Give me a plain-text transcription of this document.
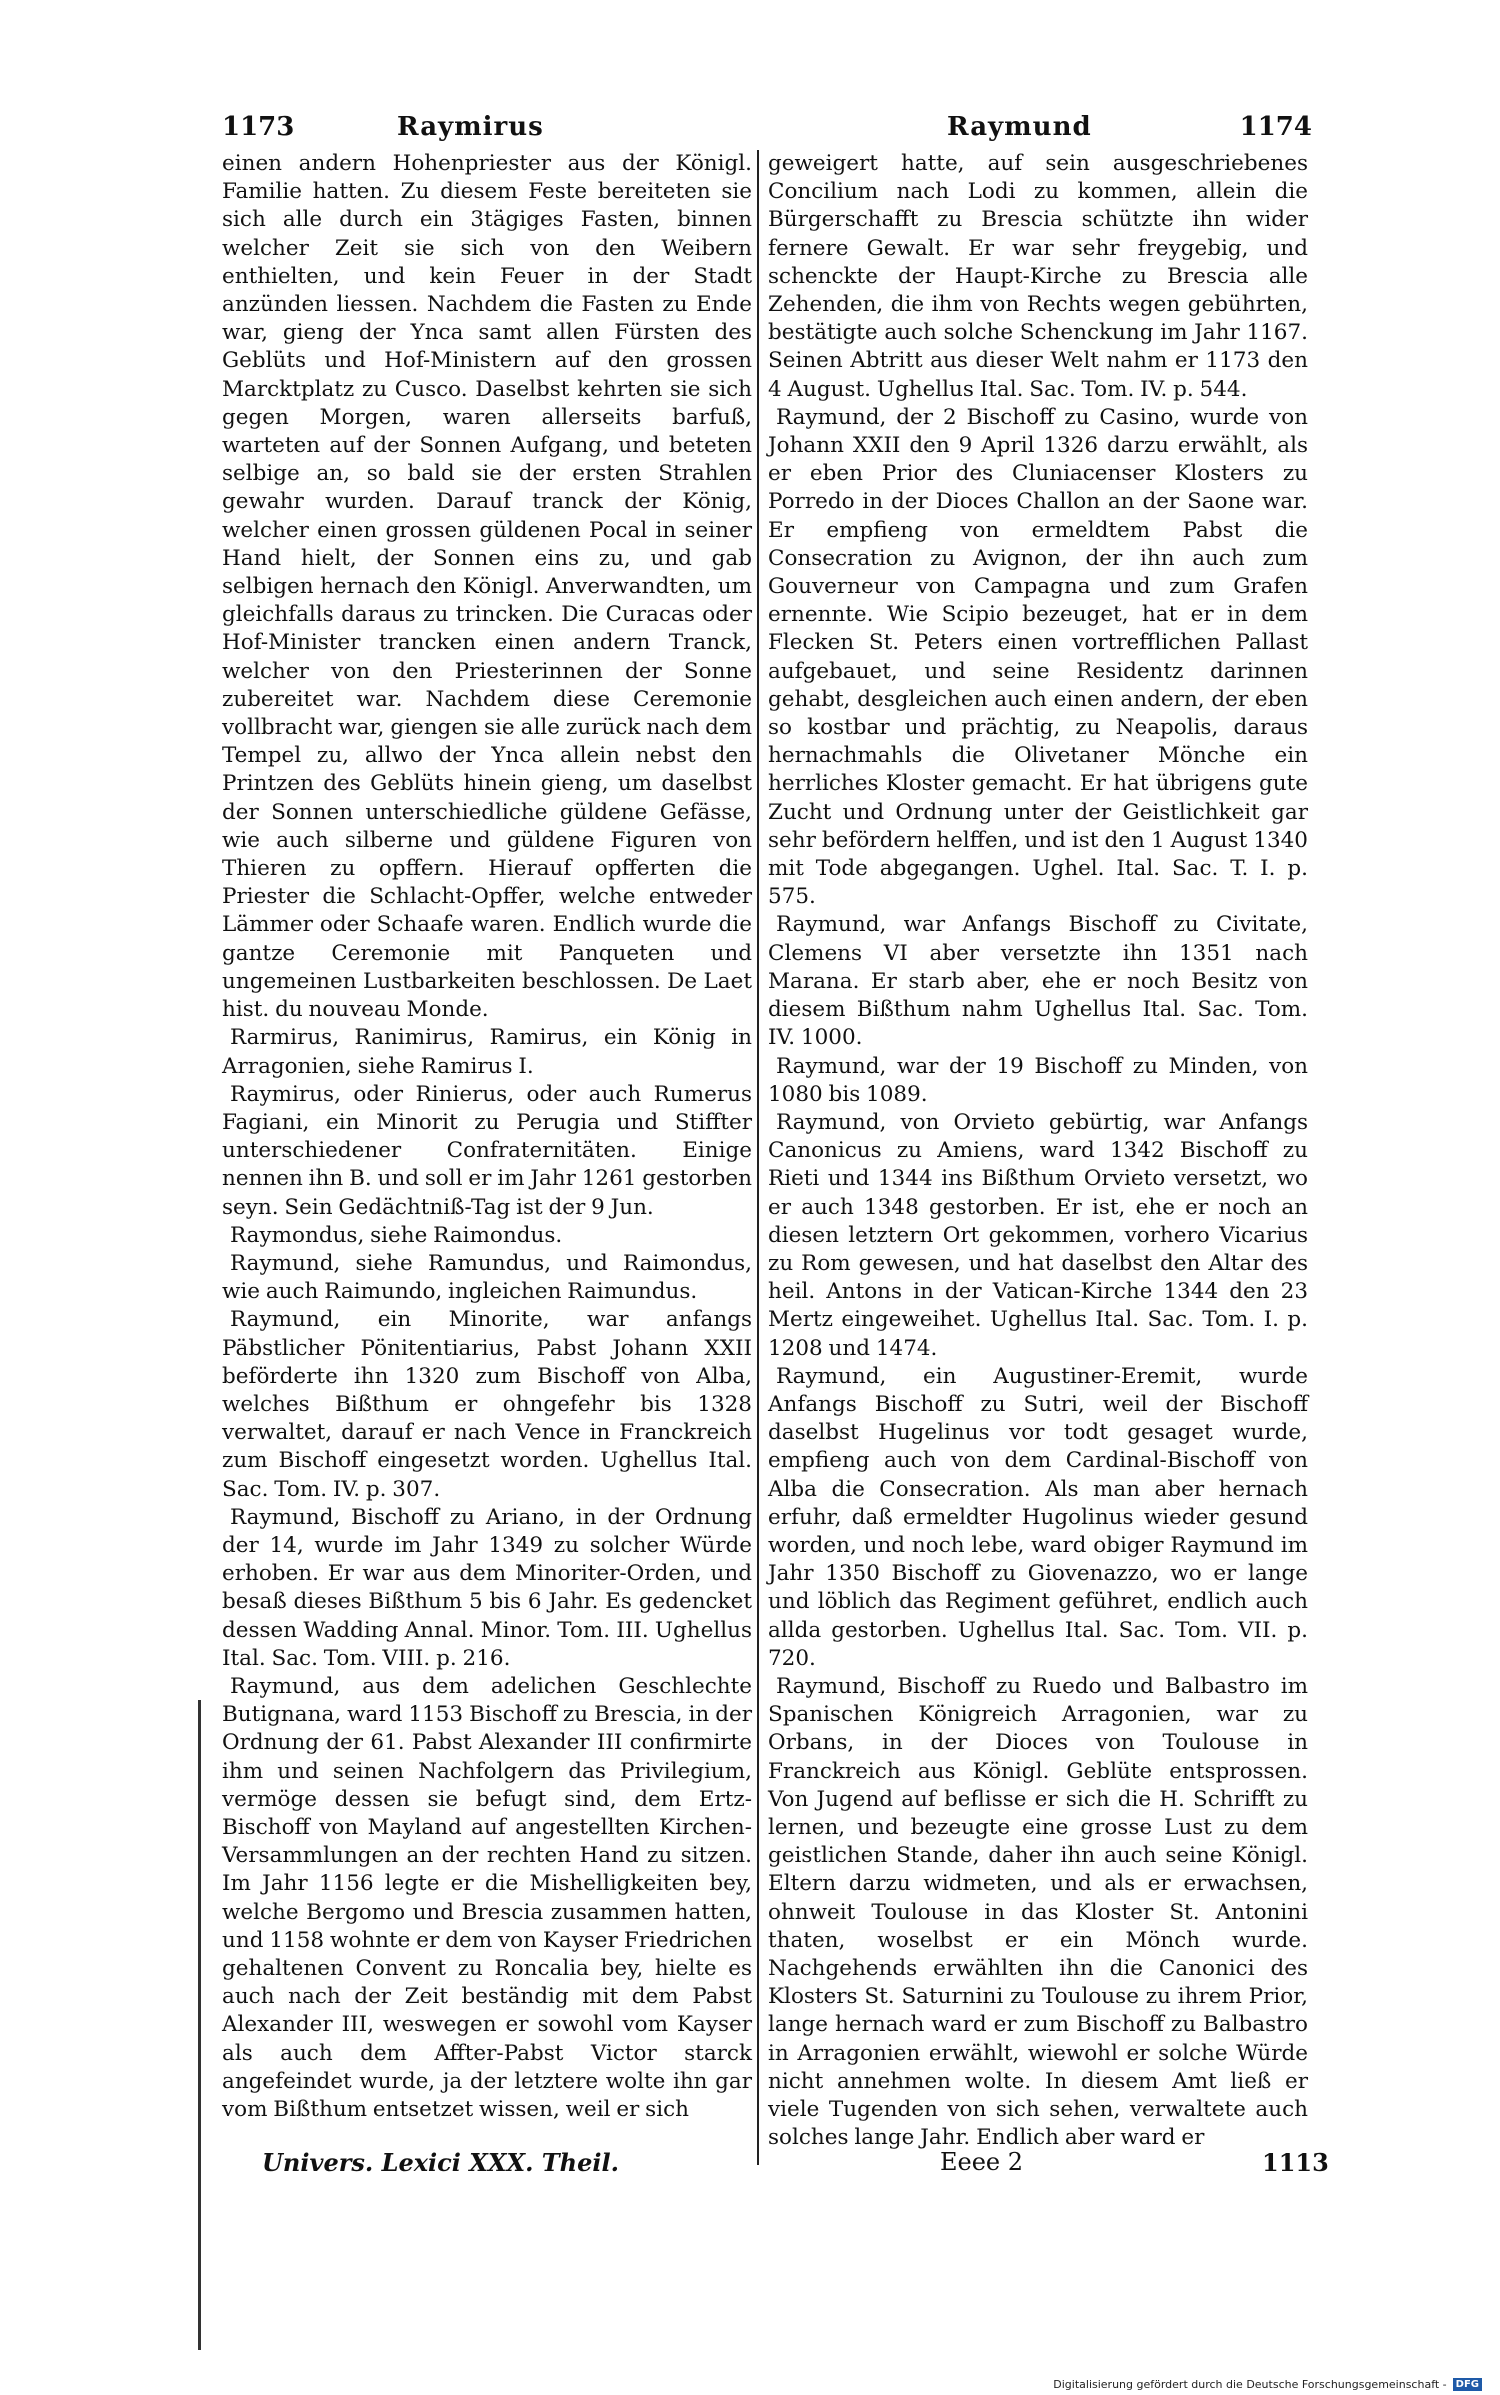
1173	Raymirus	Raymund	1174

einen andern Hohenpriester aus der Königl. Familie hatten. Zu diesem Feste bereiteten sie sich alle durch ein 3tägiges Fasten, binnen welcher Zeit sie sich von den Weibern enthielten, und kein Feuer in der Stadt anzünden liessen. Nachdem die Fasten zu Ende war, gieng der Ynca samt allen Fürsten des Geblüts und Hof-Ministern auf den grossen Marcktplatz zu Cusco. Daselbst kehrten sie sich gegen Morgen, waren allerseits barfuß, warteten auf der Sonnen Aufgang, und beteten selbige an, so bald sie der ersten Strahlen gewahr wurden. Darauf tranck der König, welcher einen grossen güldenen Pocal in seiner Hand hielt, der Sonnen eins zu, und gab selbigen hernach den Königl. Anverwandten, um gleichfalls daraus zu trincken. Die Curacas oder Hof-Minister trancken einen andern Tranck, welcher von den Priesterinnen der Sonne zubereitet war. Nachdem diese Ceremonie vollbracht war, giengen sie alle zurück nach dem Tempel zu, allwo der Ynca allein nebst den Printzen des Geblüts hinein gieng, um daselbst der Sonnen unterschiedliche güldene Gefässe, wie auch silberne und güldene Figuren von Thieren zu opffern. Hierauf opfferten die Priester die Schlacht-Opffer, welche entweder Lämmer oder Schaafe waren. Endlich wurde die gantze Ceremonie mit Panqueten und ungemeinen Lustbarkeiten beschlossen. De Laet hist. du nouveau Monde.

Rarmirus, Ranimirus, Ramirus, ein König in Arragonien, siehe Ramirus I.

Raymirus, oder Rinierus, oder auch Rumerus Fagiani, ein Minorit zu Perugia und Stiffter unterschiedener Confraternitäten. Einige nennen ihn B. und soll er im Jahr 1261 gestorben seyn. Sein Gedächtniß-Tag ist der 9 Jun.

Raymondus, siehe Raimondus.

Raymund, siehe Ramundus, und Raimondus, wie auch Raimundo, ingleichen Raimundus.

Raymund, ein Minorite, war anfangs Päbstlicher Pönitentiarius, Pabst Johann XXII beförderte ihn 1320 zum Bischoff von Alba, welches Bißthum er ohngefehr bis 1328 verwaltet, darauf er nach Vence in Franckreich zum Bischoff eingesetzt worden. Ughellus Ital. Sac. Tom. IV. p. 307.

Raymund, Bischoff zu Ariano, in der Ordnung der 14, wurde im Jahr 1349 zu solcher Würde erhoben. Er war aus dem Minoriter-Orden, und besaß dieses Bißthum 5 bis 6 Jahr. Es gedencket dessen Wadding Annal. Minor. Tom. III. Ughellus Ital. Sac. Tom. VIII. p. 216.

Raymund, aus dem adelichen Geschlechte Butignana, ward 1153 Bischoff zu Brescia, in der Ordnung der 61. Pabst Alexander III confirmirte ihm und seinen Nachfolgern das Privilegium, vermöge dessen sie befugt sind, dem Ertz-Bischoff von Mayland auf angestellten Kirchen-Versammlungen an der rechten Hand zu sitzen. Im Jahr 1156 legte er die Mishelligkeiten bey, welche Bergomo und Brescia zusammen hatten, und 1158 wohnte er dem von Kayser Friedrichen gehaltenen Convent zu Roncalia bey, hielte es auch nach der Zeit beständig mit dem Pabst Alexander III, weswegen er sowohl vom Kayser als auch dem Affter-Pabst Victor starck angefeindet wurde, ja der letztere wolte ihn gar vom Bißthum entsetzet wissen, weil er sich

geweigert hatte, auf sein ausgeschriebenes Concilium nach Lodi zu kommen, allein die Bürgerschafft zu Brescia schützte ihn wider fernere Gewalt. Er war sehr freygebig, und schenckte der Haupt-Kirche zu Brescia alle Zehenden, die ihm von Rechts wegen gebührten, bestätigte auch solche Schenckung im Jahr 1167. Seinen Abtritt aus dieser Welt nahm er 1173 den 4 August. Ughellus Ital. Sac. Tom. IV. p. 544.

Raymund, der 2 Bischoff zu Casino, wurde von Johann XXII den 9 April 1326 darzu erwählt, als er eben Prior des Cluniacenser Klosters zu Porredo in der Dioces Challon an der Saone war. Er empfieng von ermeldtem Pabst die Consecration zu Avignon, der ihn auch zum Gouverneur von Campagna und zum Grafen ernennte. Wie Scipio bezeuget, hat er in dem Flecken St. Peters einen vortrefflichen Pallast aufgebauet, und seine Residentz darinnen gehabt, desgleichen auch einen andern, der eben so kostbar und prächtig, zu Neapolis, daraus hernachmahls die Olivetaner Mönche ein herrliches Kloster gemacht. Er hat übrigens gute Zucht und Ordnung unter der Geistlichkeit gar sehr befördern helffen, und ist den 1 August 1340 mit Tode abgegangen. Ughel. Ital. Sac. T. I. p. 575.

Raymund, war Anfangs Bischoff zu Civitate, Clemens VI aber versetzte ihn 1351 nach Marana. Er starb aber, ehe er noch Besitz von diesem Bißthum nahm Ughellus Ital. Sac. Tom. IV. 1000.

Raymund, war der 19 Bischoff zu Minden, von 1080 bis 1089.

Raymund, von Orvieto gebürtig, war Anfangs Canonicus zu Amiens, ward 1342 Bischoff zu Rieti und 1344 ins Bißthum Orvieto versetzt, wo er auch 1348 gestorben. Er ist, ehe er noch an diesen letztern Ort gekommen, vorhero Vicarius zu Rom gewesen, und hat daselbst den Altar des heil. Antons in der Vatican-Kirche 1344 den 23 Mertz eingeweihet. Ughellus Ital. Sac. Tom. I. p. 1208 und 1474.

Raymund, ein Augustiner-Eremit, wurde Anfangs Bischoff zu Sutri, weil der Bischoff daselbst Hugelinus vor todt gesaget wurde, empfieng auch von dem Cardinal-Bischoff von Alba die Consecration. Als man aber hernach erfuhr, daß ermeldter Hugolinus wieder gesund worden, und noch lebe, ward obiger Raymund im Jahr 1350 Bischoff zu Giovenazzo, wo er lange und löblich das Regiment geführet, endlich auch allda gestorben. Ughellus Ital. Sac. Tom. VII. p. 720.

Raymund, Bischoff zu Ruedo und Balbastro im Spanischen Königreich Arragonien, war zu Orbans, in der Dioces von Toulouse in Franckreich aus Königl. Geblüte entsprossen. Von Jugend auf beflisse er sich die H. Schrifft zu lernen, und bezeugte eine grosse Lust zu dem geistlichen Stande, daher ihn auch seine Königl. Eltern darzu widmeten, und als er erwachsen, ohnweit Toulouse in das Kloster St. Antonini thaten, woselbst er ein Mönch wurde. Nachgehends erwählten ihn die Canonici des Klosters St. Saturnini zu Toulouse zu ihrem Prior, lange hernach ward er zum Bischoff zu Balbastro in Arragonien erwählt, wiewohl er solche Würde nicht annehmen wolte. In diesem Amt ließ er viele Tugenden von sich sehen, verwaltete auch solches lange Jahr. Endlich aber ward er

Univers. Lexici XXX. Theil.	Eeee 2	1113
Digitalisierung gefördert durch die Deutsche Forschungsgemeinschaft - DFG
